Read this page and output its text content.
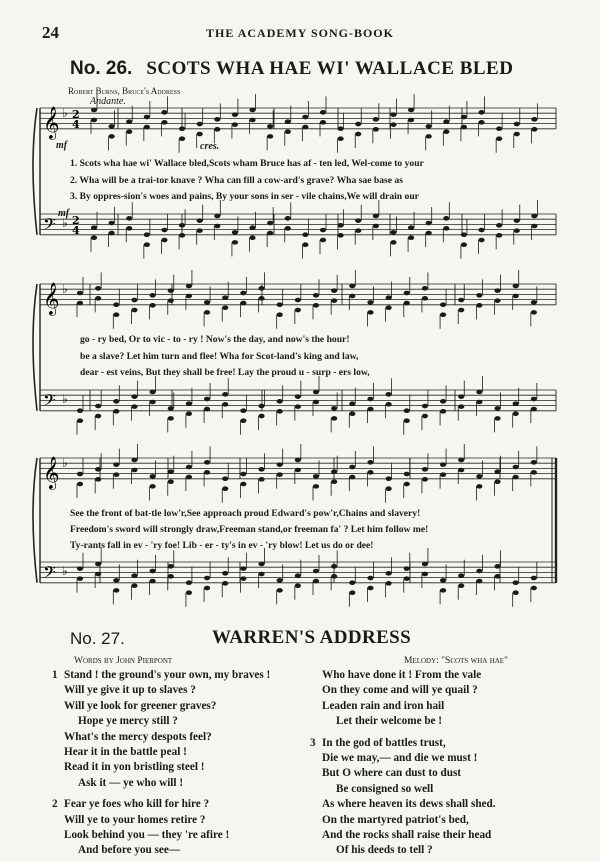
24	THE ACADEMY SONG-BOOK
No. 26. SCOTS WHA HAE WI' WALLACE BLED
Robert Burns, Bruce's Address
Andante.
mf	cres.
mf
𝄞 ♭ 2
4
𝄢 ♭ 2
4
𝄞 ♭
𝄢 ♭
𝄞 ♭
𝄢 ♭
1. Scots wha hae wi' Wallace bled,Scots wham Bruce has af - ten led, Wel-come to your
2. Wha will be a trai-tor knave ? Wha can fill a cow-ard's grave? Wha sae base as
3. By oppres-sion's woes and pains, By your sons in ser - vile chains,We will drain our
go - ry bed, Or to vic - to - ry ! Now's the day, and now's the hour!
be a slave? Let him turn and flee! Wha for Scot-land's king and law,
dear - est veins, But they shall be free! Lay the proud u - surp - ers low,
See the front of bat-tle low'r,See approach proud Edward's pow'r,Chains and slavery!
Freedom's sword will strongly draw,Freeman stand,or freeman fa' ? Let him follow me!
Ty-rants fall in ev - 'ry foe! Lib - er - ty's in ev - 'ry blow! Let us do or dee!
No. 27.	WARREN'S ADDRESS
Words by John Pierpont	Melody: "Scots wha hae"
1 Stand ! the ground's your own, my braves !
Will ye give it up to slaves ?
Will ye look for greener graves?
Hope ye mercy still ?
What's the mercy despots feel?
Hear it in the battle peal !
Read it in yon bristling steel !
Ask it — ye who will !

2 Fear ye foes who kill for hire ?
Will ye to your homes retire ?
Look behind you — they 're afire !
And before you see—
Who have done it ! From the vale
On they come and will ye quail ?
Leaden rain and iron hail
Let their welcome be !

3 In the god of battles trust,
Die we may,— and die we must !
But O where can dust to dust
Be consigned so well
As where heaven its dews shall shed.
On the martyred patriot's bed,
And the rocks shall raise their head
Of his deeds to tell ?
